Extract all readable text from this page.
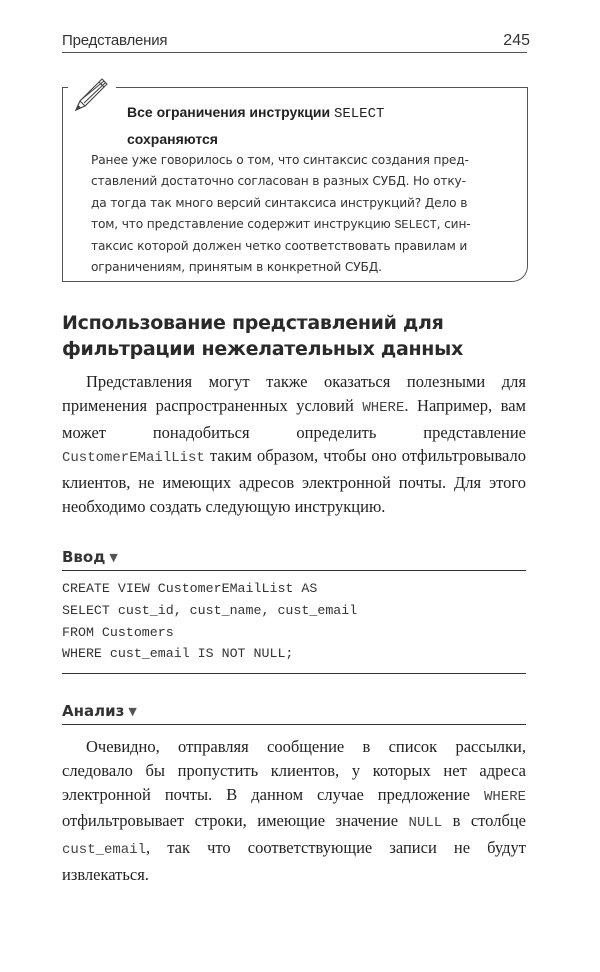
Представления	245
Все ограничения инструкции SELECT
сохраняются
Ранее уже говорилось о том, что синтаксис создания пред-
ставлений достаточно согласован в разных СУБД. Но отку-
да тогда так много версий синтаксиса инструкций? Дело в
том, что представление содержит инструкцию SELECT, син-
таксис которой должен четко соответствовать правилам и
ограничениям, принятым в конкретной СУБД.
Использование представлений для
фильтрации нежелательных данных
Представления могут также оказаться полезными для применения распространенных условий WHERE. Например, вам может понадобиться определить представление CustomerEMailList таким образом, чтобы оно отфильтровывало клиентов, не имеющих адресов электронной почты. Для этого необходимо создать следующую инструкцию.
Ввод ▼
CREATE VIEW CustomerEMailList AS
SELECT cust_id, cust_name, cust_email
FROM Customers
WHERE cust_email IS NOT NULL;
Анализ ▼
Очевидно, отправляя сообщение в список рассылки, следовало бы пропустить клиентов, у которых нет адреса электронной почты. В данном случае предложение WHERE отфильтровывает строки, имеющие значение NULL в столбце cust_email, так что соответствующие записи не будут извлекаться.
